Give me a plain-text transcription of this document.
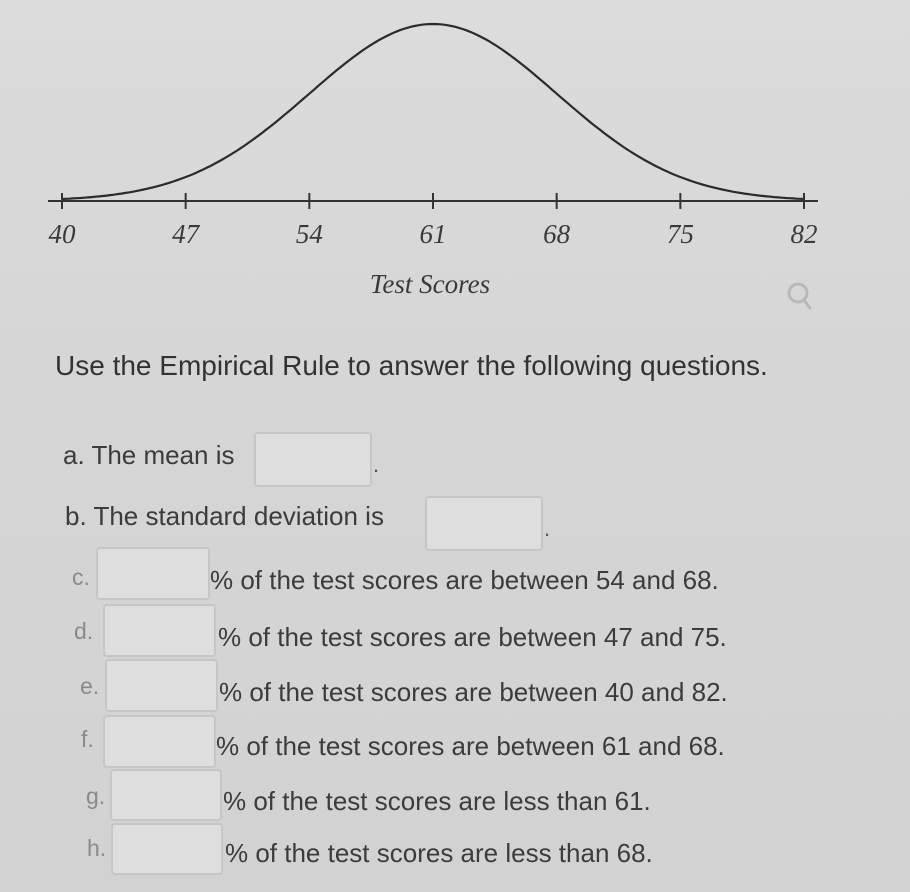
40	47	54	61	68	75	82
Test Scores
Use the Empirical Rule to answer the following questions.
a. The mean is	.
b. The standard deviation is	.
c.	% of the test scores are between 54 and 68.
d.	% of the test scores are between 47 and 75.
e.	% of the test scores are between 40 and 82.
f.	% of the test scores are between 61 and 68.
g.	% of the test scores are less than 61.
h.	% of the test scores are less than 68.
